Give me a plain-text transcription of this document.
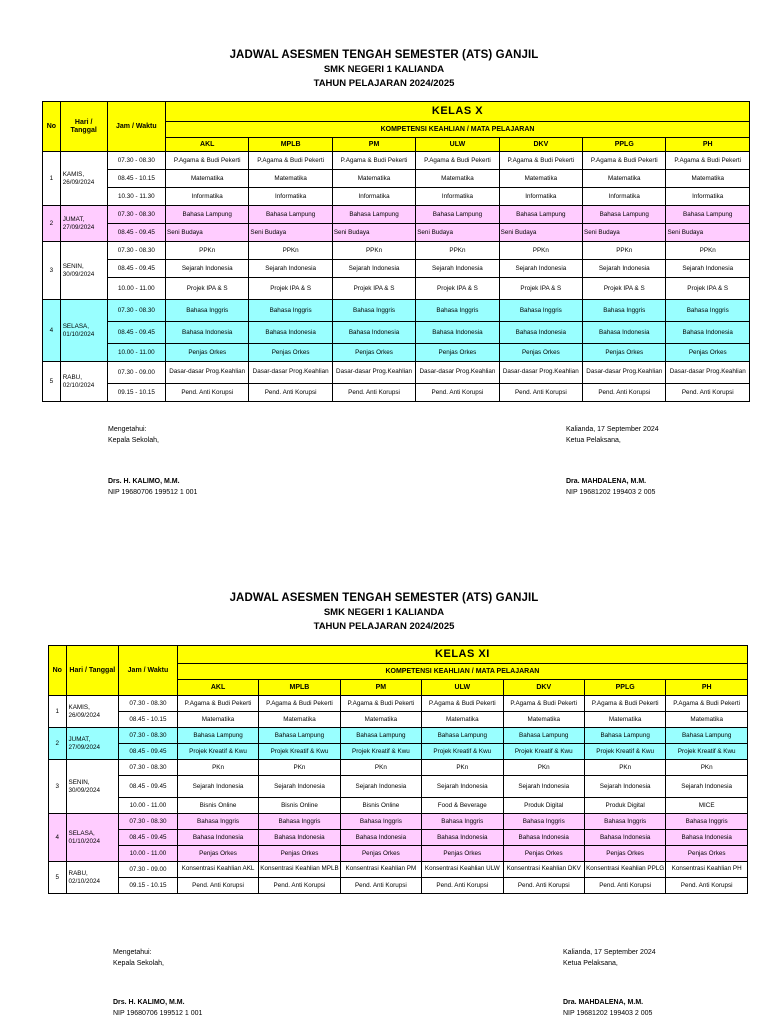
JADWAL ASESMEN TENGAH SEMESTER (ATS) GANJIL
SMK NEGERI 1 KALIANDA
TAHUN PELAJARAN 2024/2025
No	Hari / Tanggal	Jam / Waktu	KELAS X						
			KOMPETENSI KEAHLIAN / MATA PELAJARAN						
			AKL	MPLB	PM	ULW	DKV	PPLG	PH
1	KAMIS, 26/09/2024	07.30 - 08.30	P.Agama & Budi Pekerti	P.Agama & Budi Pekerti	P.Agama & Budi Pekerti	P.Agama & Budi Pekerti	P.Agama & Budi Pekerti	P.Agama & Budi Pekerti	P.Agama & Budi Pekerti
		08.45 - 10.15	Matematika	Matematika	Matematika	Matematika	Matematika	Matematika	Matematika
		10.30 - 11.30	Informatika	Informatika	Informatika	Informatika	Informatika	Informatika	Informatika
2	JUMAT, 27/09/2024	07.30 - 08.30	Bahasa Lampung	Bahasa Lampung	Bahasa Lampung	Bahasa Lampung	Bahasa Lampung	Bahasa Lampung	Bahasa Lampung
		08.45 - 09.45	Seni Budaya	Seni Budaya	Seni Budaya	Seni Budaya	Seni Budaya	Seni Budaya	Seni Budaya
3	SENIN, 30/09/2024	07.30 - 08.30	PPKn	PPKn	PPKn	PPKn	PPKn	PPKn	PPKn
		08.45 - 09.45	Sejarah Indonesia	Sejarah Indonesia	Sejarah Indonesia	Sejarah Indonesia	Sejarah Indonesia	Sejarah Indonesia	Sejarah Indonesia
		10.00 - 11.00	Projek IPA & S	Projek IPA & S	Projek IPA & S	Projek IPA & S	Projek IPA & S	Projek IPA & S	Projek IPA & S
4	SELASA, 01/10/2024	07.30 - 08.30	Bahasa Inggris	Bahasa Inggris	Bahasa Inggris	Bahasa Inggris	Bahasa Inggris	Bahasa Inggris	Bahasa Inggris
		08.45 - 09.45	Bahasa Indonesia	Bahasa Indonesia	Bahasa Indonesia	Bahasa Indonesia	Bahasa Indonesia	Bahasa Indonesia	Bahasa Indonesia
		10.00 - 11.00	Penjas Orkes	Penjas Orkes	Penjas Orkes	Penjas Orkes	Penjas Orkes	Penjas Orkes	Penjas Orkes
5	RABU, 02/10/2024	07.30 - 09.00	Dasar-dasar Prog.Keahlian	Dasar-dasar Prog.Keahlian	Dasar-dasar Prog.Keahlian	Dasar-dasar Prog.Keahlian	Dasar-dasar Prog.Keahlian	Dasar-dasar Prog.Keahlian	Dasar-dasar Prog.Keahlian
		09.15 - 10.15	Pend. Anti Korupsi	Pend. Anti Korupsi	Pend. Anti Korupsi	Pend. Anti Korupsi	Pend. Anti Korupsi	Pend. Anti Korupsi	Pend. Anti Korupsi
Mengetahui:
Kepala Sekolah,
Drs. H. KALIMO, M.M.
NIP 19680706 199512 1 001
Kalianda, 17 September 2024
Ketua Pelaksana,
Dra. MAHDALENA, M.M.
NIP 19681202 199403 2 005
JADWAL ASESMEN TENGAH SEMESTER (ATS) GANJIL
SMK NEGERI 1 KALIANDA
TAHUN PELAJARAN 2024/2025
No	Hari / Tanggal	Jam / Waktu	KELAS XI						
			KOMPETENSI KEAHLIAN / MATA PELAJARAN						
			AKL	MPLB	PM	ULW	DKV	PPLG	PH
1	KAMIS, 26/09/2024	07.30 - 08.30	P.Agama & Budi Pekerti	P.Agama & Budi Pekerti	P.Agama & Budi Pekerti	P.Agama & Budi Pekerti	P.Agama & Budi Pekerti	P.Agama & Budi Pekerti	P.Agama & Budi Pekerti
		08.45 - 10.15	Matematika	Matematika	Matematika	Matematika	Matematika	Matematika	Matematika
2	JUMAT, 27/09/2024	07.30 - 08.30	Bahasa Lampung	Bahasa Lampung	Bahasa Lampung	Bahasa Lampung	Bahasa Lampung	Bahasa Lampung	Bahasa Lampung
		08.45 - 09.45	Projek Kreatif & Kwu	Projek Kreatif & Kwu	Projek Kreatif & Kwu	Projek Kreatif & Kwu	Projek Kreatif & Kwu	Projek Kreatif & Kwu	Projek Kreatif & Kwu
3	SENIN, 30/09/2024	07.30 - 08.30	PKn	PKn	PKn	PKn	PKn	PKn	PKn
		08.45 - 09.45	Sejarah Indonesia	Sejarah Indonesia	Sejarah Indonesia	Sejarah Indonesia	Sejarah Indonesia	Sejarah Indonesia	Sejarah Indonesia
		10.00 - 11.00	Bisnis Online	Bisnis Online	Bisnis Online	Food & Beverage	Produk Digital	Produk Digital	MICE
4	SELASA, 01/10/2024	07.30 - 08.30	Bahasa Inggris	Bahasa Inggris	Bahasa Inggris	Bahasa Inggris	Bahasa Inggris	Bahasa Inggris	Bahasa Inggris
		08.45 - 09.45	Bahasa Indonesia	Bahasa Indonesia	Bahasa Indonesia	Bahasa Indonesia	Bahasa Indonesia	Bahasa Indonesia	Bahasa Indonesia
		10.00 - 11.00	Penjas Orkes	Penjas Orkes	Penjas Orkes	Penjas Orkes	Penjas Orkes	Penjas Orkes	Penjas Orkes
5	RABU, 02/10/2024	07.30 - 09.00	Konsentrasi Keahlian AKL	Konsentrasi Keahlian MPLB	Konsentrasi Keahlian PM	Konsentrasi Keahlian ULW	Konsentrasi Keahlian DKV	Konsentrasi Keahlian PPLG	Konsentrasi Keahlian PH
		09.15 - 10.15	Pend. Anti Korupsi	Pend. Anti Korupsi	Pend. Anti Korupsi	Pend. Anti Korupsi	Pend. Anti Korupsi	Pend. Anti Korupsi	Pend. Anti Korupsi
Mengetahui:
Kepala Sekolah,
Drs. H. KALIMO, M.M.
NIP 19680706 199512 1 001
Kalianda, 17 September 2024
Ketua Pelaksana,
Dra. MAHDALENA, M.M.
NIP 19681202 199403 2 005
